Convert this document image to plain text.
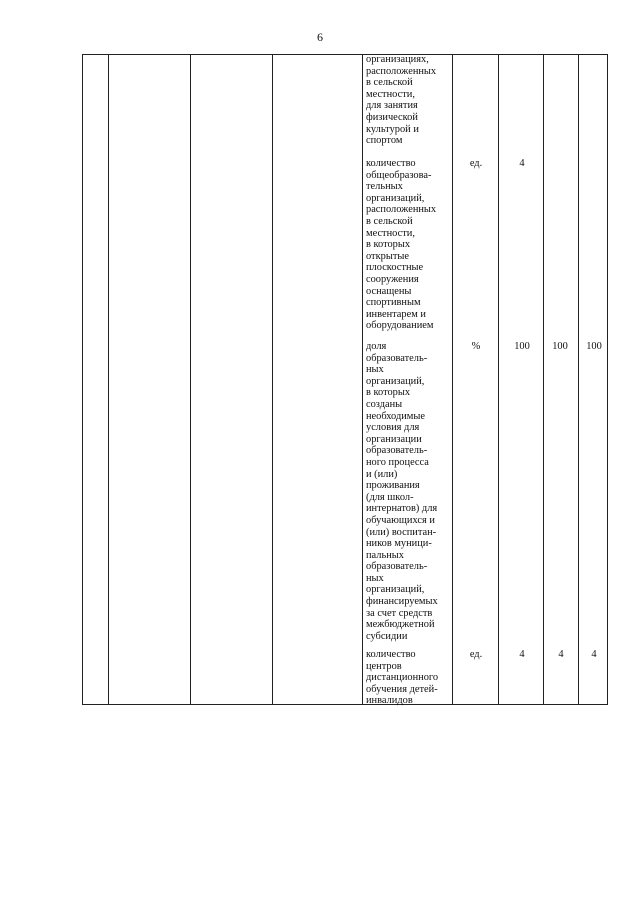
6
организациях,
расположенных
в сельской
местности,
для занятия
физической
культурой и
спортом
количество
общеобразова-
тельных
организаций,
расположенных
в сельской
местности,
в которых
открытые
плоскостные
сооружения
оснащены
спортивным
инвентарем и
оборудованием
ед.	4
доля
образователь-
ных
организаций,
в которых
созданы
необходимые
условия для
организации
образователь-
ного процесса
и (или)
проживания
(для школ-
интернатов) для
обучающихся и
(или) воспитан-
ников муници-
пальных
образователь-
ных
организаций,
финансируемых
за счет средств
межбюджетной
субсидии
%	100	100	100
количество
центров
дистанционного
обучения детей-
инвалидов
ед.	4	4	4
